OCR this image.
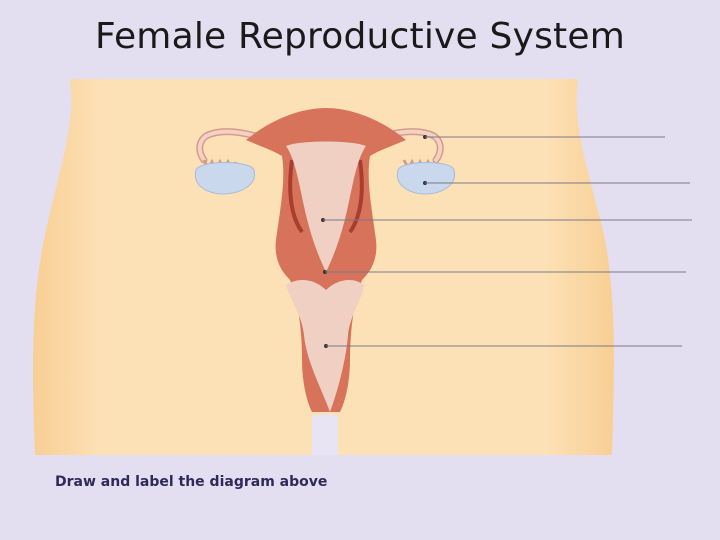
Female Reproductive System
Draw and label the diagram above
